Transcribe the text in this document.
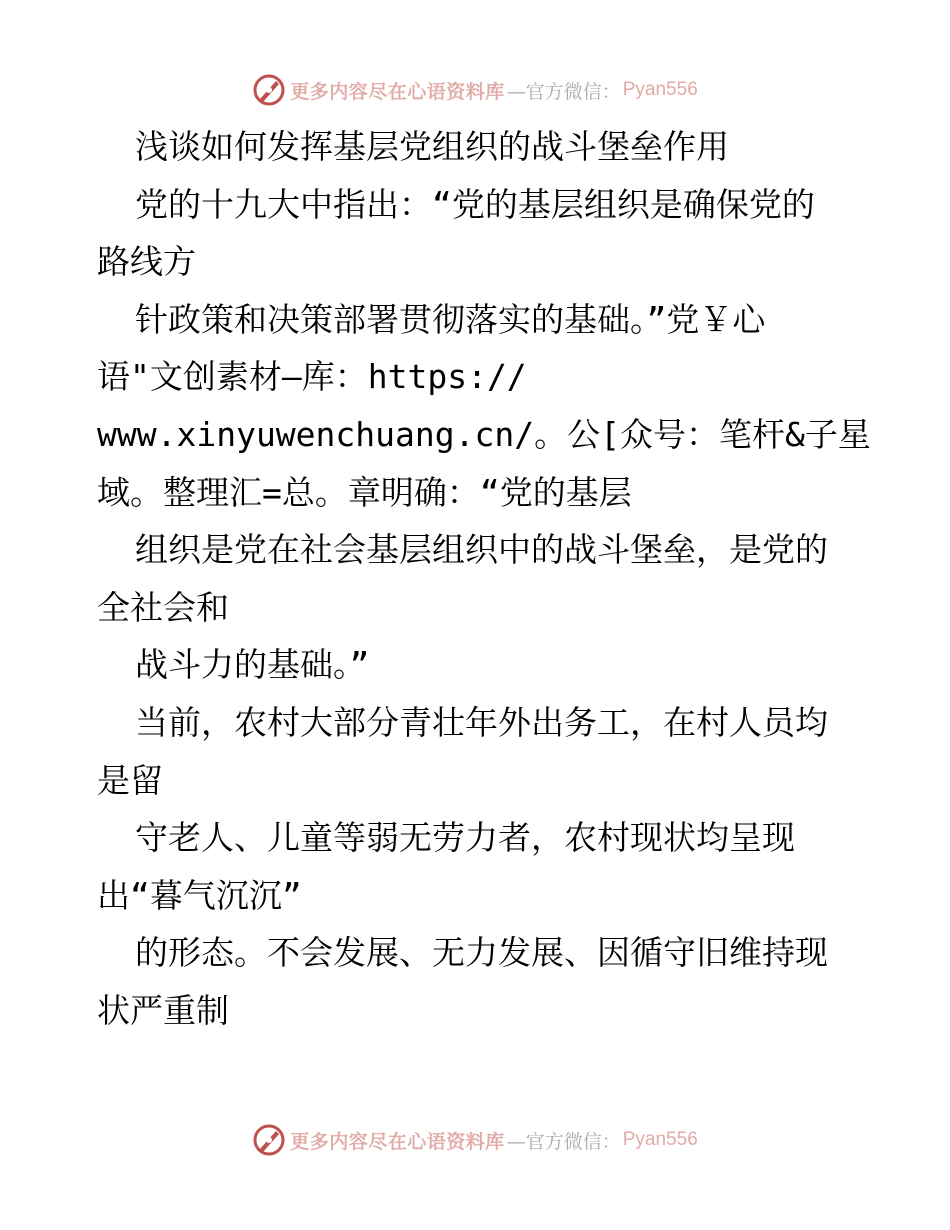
更多内容尽在心语资料库 —官方微信： Pyan556
浅谈如何发挥基层党组织的战斗堡垒作用
党的十九大中指出：“党的基层组织是确保党的
路线方
针政策和决策部署贯彻落实的基础。”党￥心
语"文创素材—库：https://
www.xinyuwenchuang.cn/。公[众号：笔杆&子星
域。整理汇=总。章明确：“党的基层
组织是党在社会基层组织中的战斗堡垒，是党的
全社会和
战斗力的基础。”
当前，农村大部分青壮年外出务工，在村人员均
是留
守老人、儿童等弱无劳力者，农村现状均呈现
出“暮气沉沉”
的形态。不会发展、无力发展、因循守旧维持现
状严重制
更多内容尽在心语资料库 —官方微信： Pyan556
